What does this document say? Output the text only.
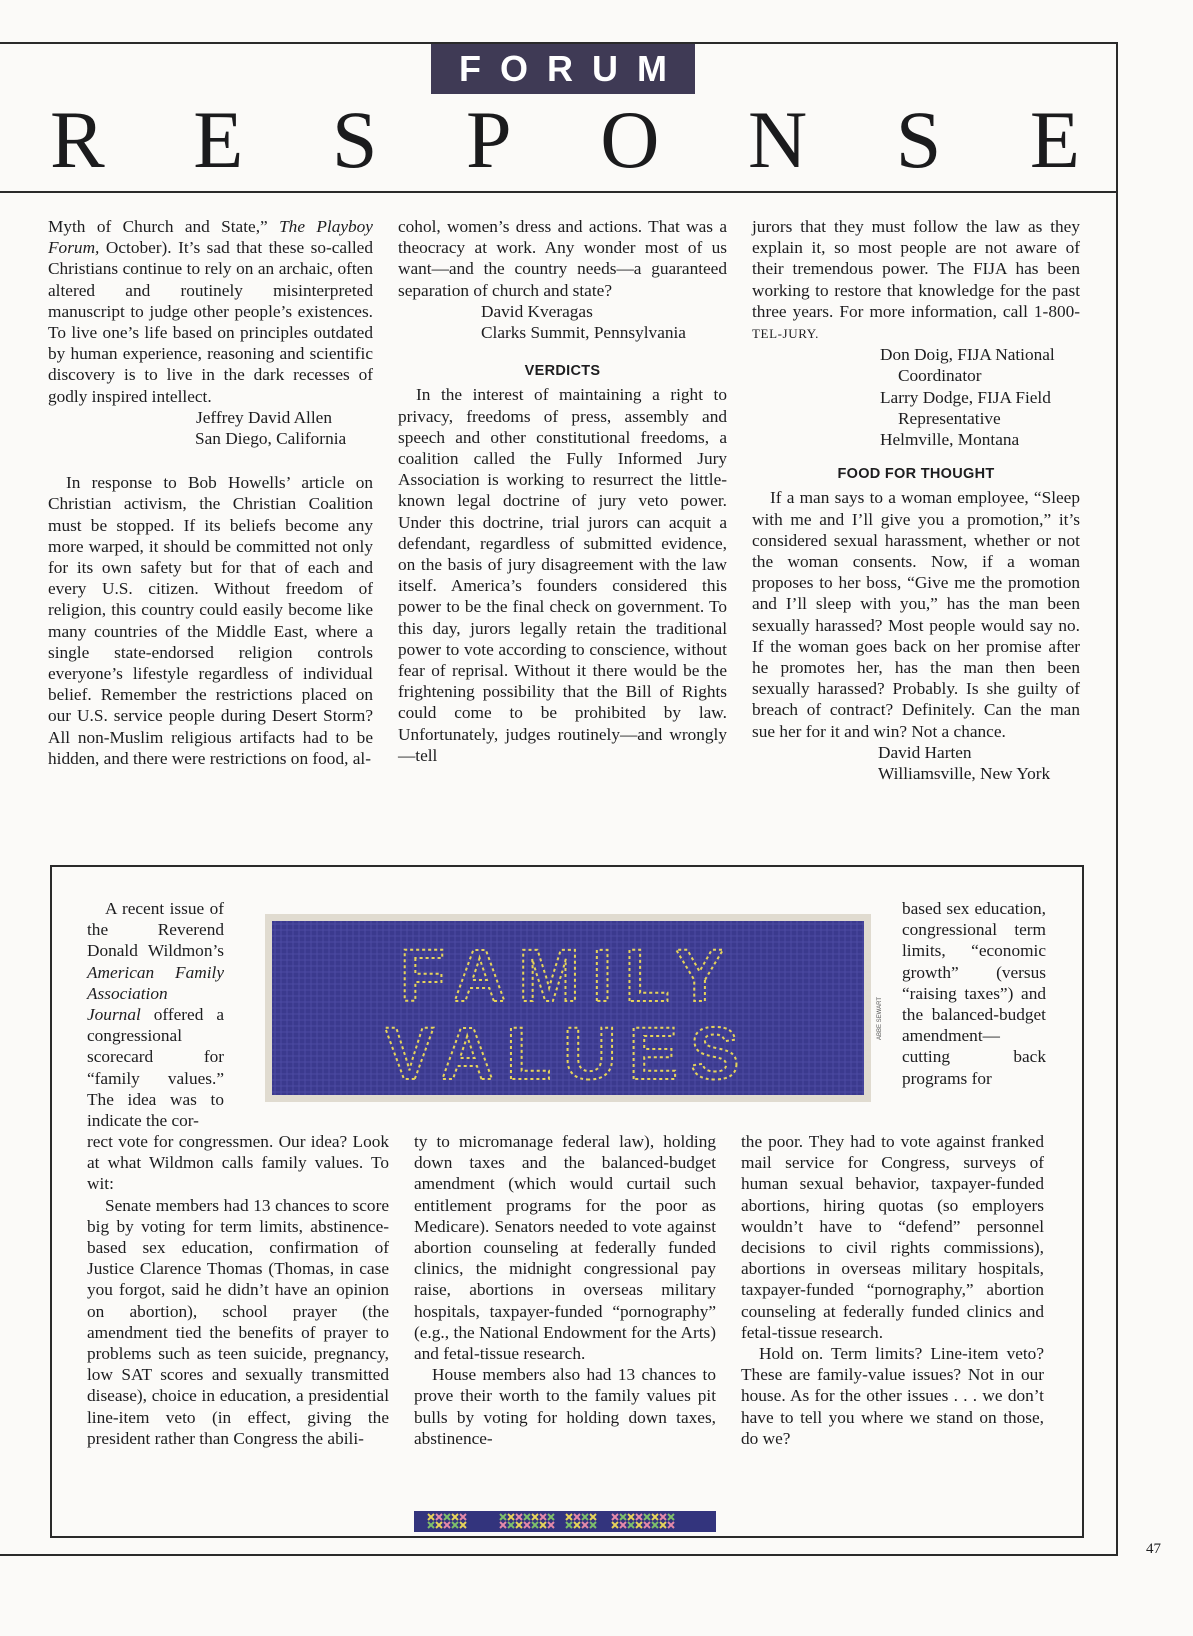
FORUM
R E S P O N S E

Myth of Church and State,” The Playboy Forum, October). It’s sad that these so-called Christians continue to rely on an archaic, often altered and routinely misinterpreted manuscript to judge other people’s existences. To live one’s life based on principles outdated by human experience, reasoning and scientific discovery is to live in the dark recesses of godly inspired intellect.

Jeffrey David Allen

San Diego, California

In response to Bob Howells’ article on Christian activism, the Christian Coalition must be stopped. If its beliefs become any more warped, it should be committed not only for its own safety but for that of each and every U.S. citizen. Without freedom of religion, this country could easily become like many countries of the Middle East, where a single state-endorsed religion controls everyone’s lifestyle regardless of individual belief. Remember the restrictions placed on our U.S. service people during Desert Storm? All non-Muslim religious artifacts had to be hidden, and there were restrictions on food, al-

cohol, women’s dress and actions. That was a theocracy at work. Any wonder most of us want—and the country needs—a guaranteed separation of church and state?

David Kveragas

Clarks Summit, Pennsylvania

VERDICTS

In the interest of maintaining a right to privacy, freedoms of press, assembly and speech and other constitutional freedoms, a coalition called the Fully Informed Jury Association is working to resurrect the little-known legal doctrine of jury veto power. Under this doctrine, trial jurors can acquit a defendant, regardless of submitted evidence, on the basis of jury disagreement with the law itself. America’s founders considered this power to be the final check on government. To this day, jurors legally retain the traditional power to vote according to conscience, without fear of reprisal. Without it there would be the frightening possibility that the Bill of Rights could come to be prohibited by law. Unfortunately, judges routinely—and wrongly—tell

jurors that they must follow the law as they explain it, so most people are not aware of their tremendous power. The FIJA has been working to restore that knowledge for the past three years. For more information, call 1-800-TEL-JURY.

Don Doig, FIJA National

Coordinator

Larry Dodge, FIJA Field

Representative

Helmville, Montana

FOOD FOR THOUGHT

If a man says to a woman employee, “Sleep with me and I’ll give you a promotion,” it’s considered sexual harassment, whether or not the woman consents. Now, if a woman proposes to her boss, “Give me the promotion and I’ll sleep with you,” has the man been sexually harassed? Most people would say no. If the woman goes back on her promise after he promotes her, has the man then been sexually harassed? Probably. Is she guilty of breach of contract? Definitely. Can the man sue her for it and win? Not a chance.

David Harten

Williamsville, New York

A recent issue of the Reverend Donald Wildmon’s American Family Association Journal offered a congressional scorecard for “family values.” The idea was to indicate the cor-

based sex education, congressional term limits, “economic growth” (versus “raising taxes”) and the balanced-budget amendment—cutting back programs for

FAMILY
VALUES	ABBE SEWART

rect vote for congressmen. Our idea? Look at what Wildmon calls family values. To wit:

Senate members had 13 chances to score big by voting for term limits, abstinence-based sex education, confirmation of Justice Clarence Thomas (Thomas, in case you forgot, said he didn’t have an opinion on abortion), school prayer (the amendment tied the benefits of prayer to problems such as teen suicide, pregnancy, low SAT scores and sexually transmitted disease), choice in education, a presidential line-item veto (in effect, giving the president rather than Congress the abili-

ty to micromanage federal law), holding down taxes and the balanced-budget amendment (which would curtail such entitlement programs for the poor as Medicare). Senators needed to vote against abortion counseling at federally funded clinics, the midnight congressional pay raise, abortions in overseas military hospitals, taxpayer-funded “pornography” (e.g., the National Endowment for the Arts) and fetal-tissue research.

House members also had 13 chances to prove their worth to the family values pit bulls by voting for holding down taxes, abstinence-

the poor. They had to vote against franked mail service for Congress, surveys of human sexual behavior, taxpayer-funded abortions, hiring quotas (so employers wouldn’t have to “defend” personnel decisions to civil rights commissions), abortions in overseas military hospitals, taxpayer-funded “pornography,” abortion counseling at federally funded clinics and fetal-tissue research.

Hold on. Term limits? Line-item veto? These are family-value issues? Not in our house. As for the other issues . . . we don’t have to tell you where we stand on those, do we?

47
